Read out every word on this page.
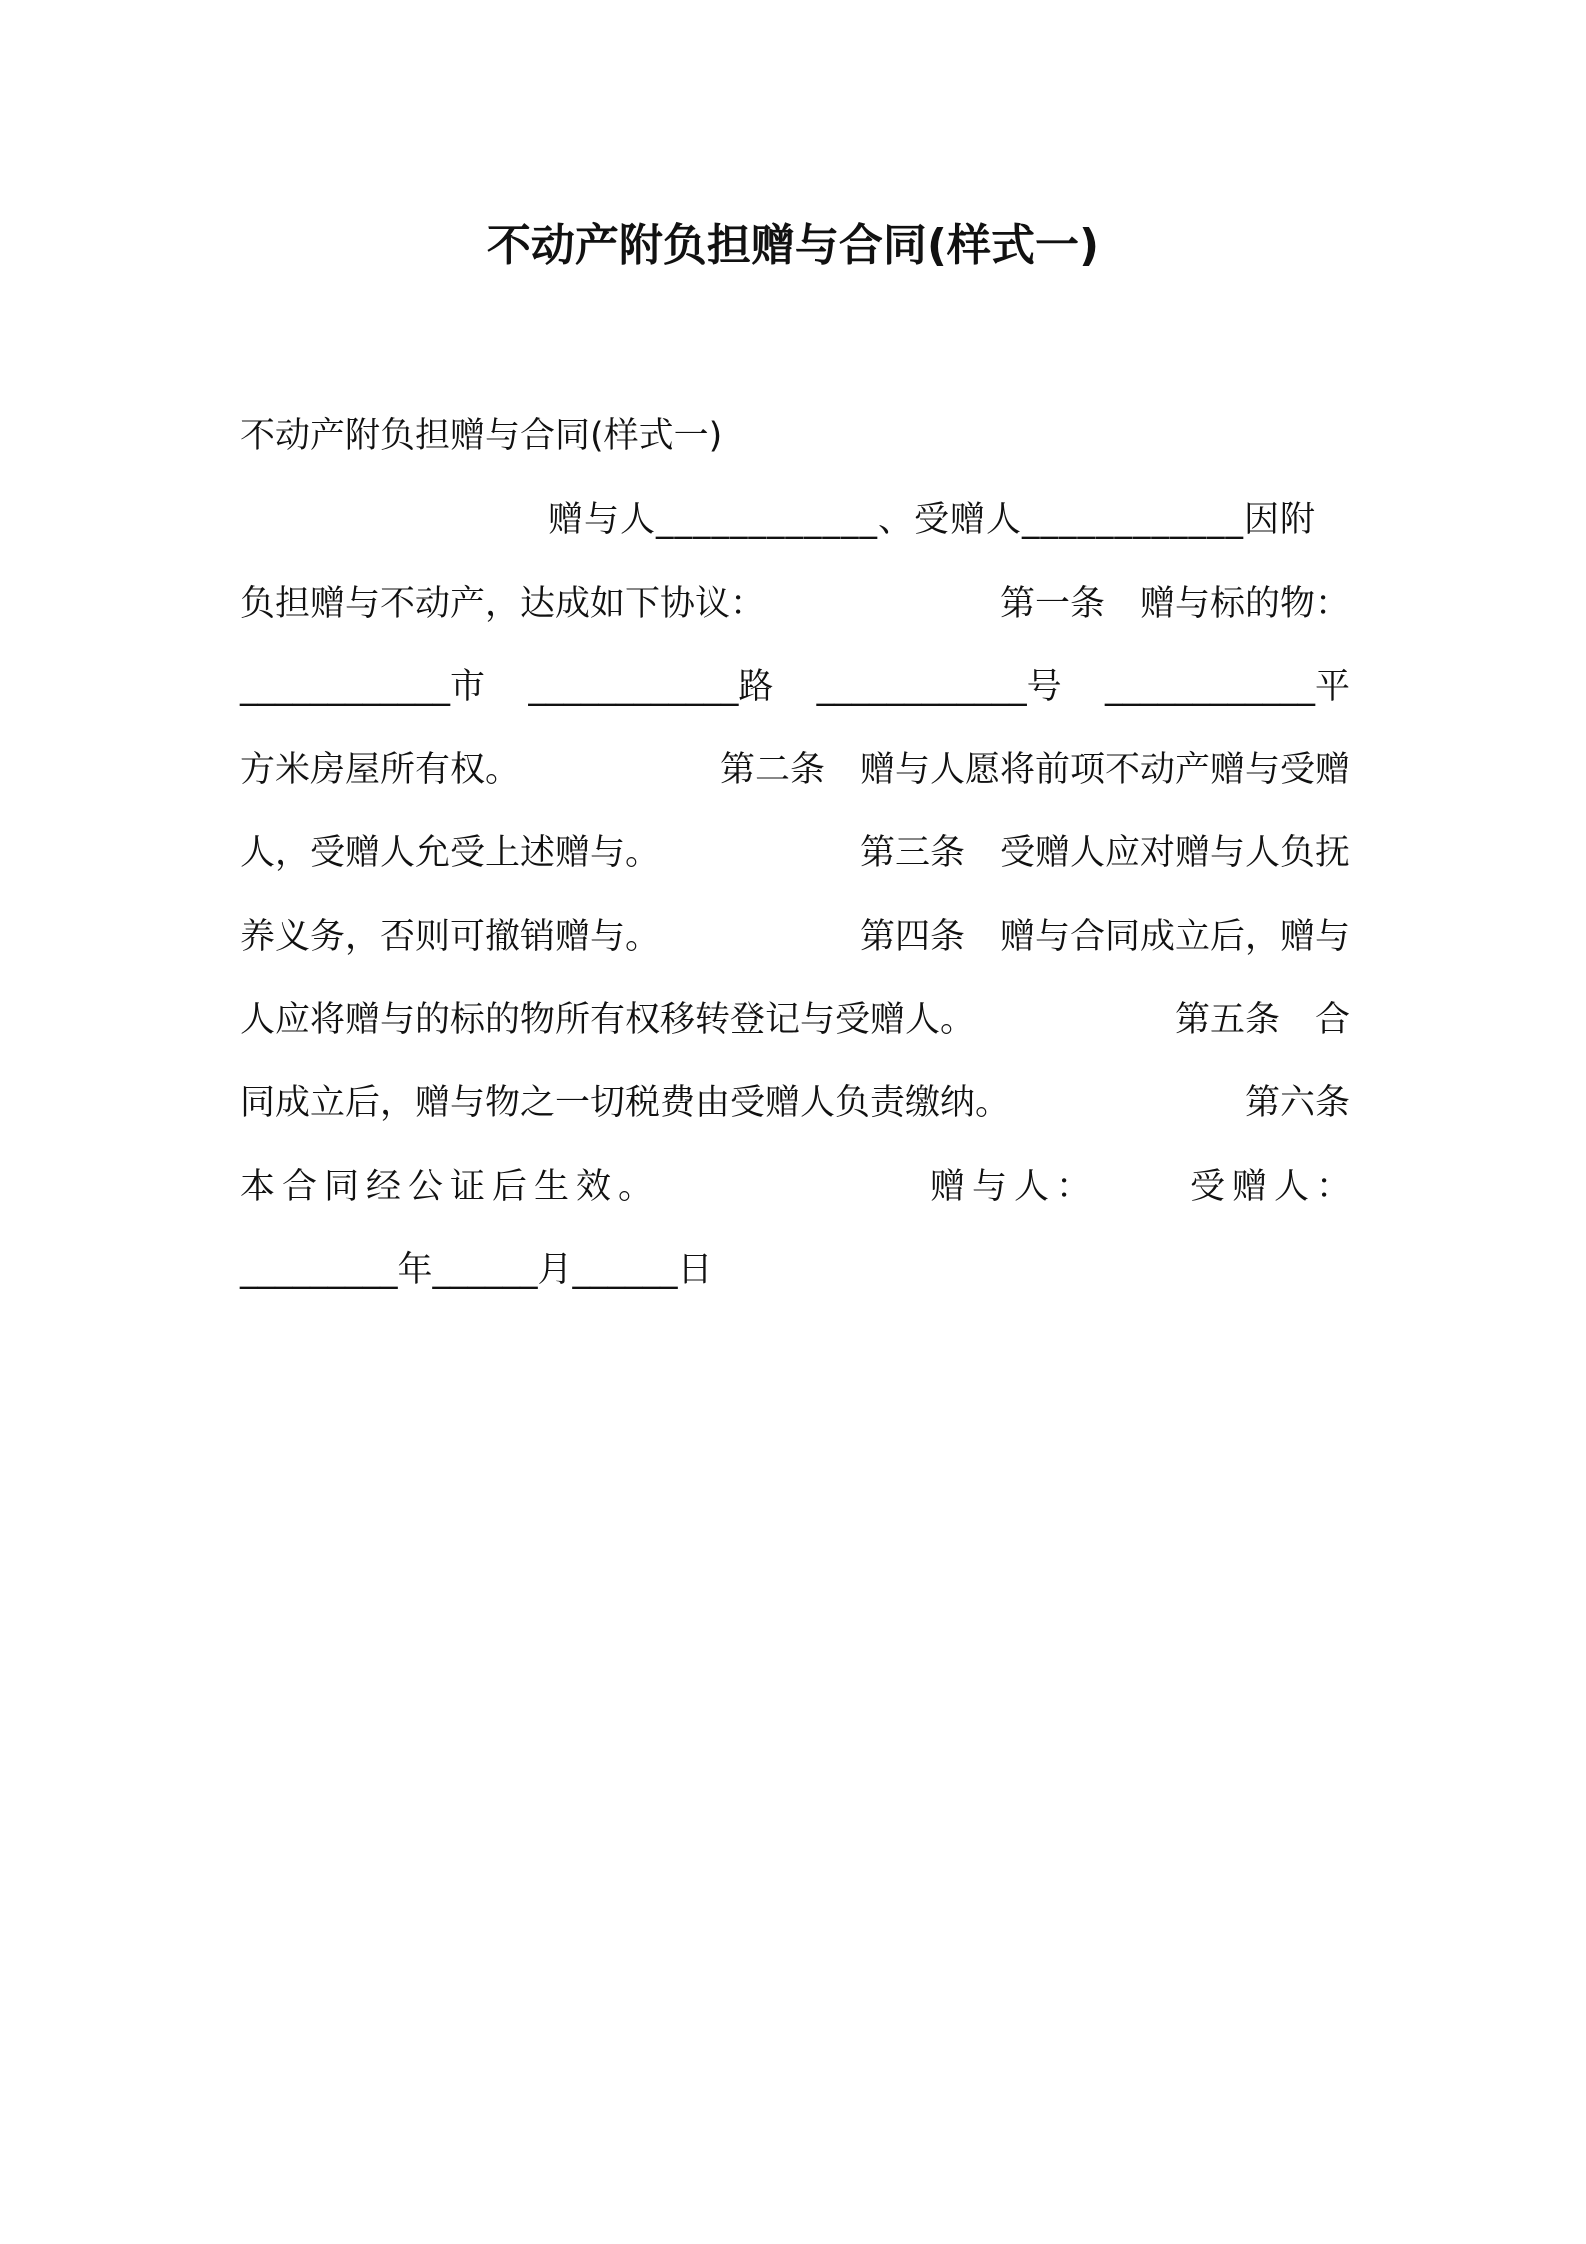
不动产附负担赠与合同(样式一)
不动产附负担赠与合同(样式一)
赠与人____________、受赠人____________因附
负担赠与不动产，达成如下协议：	第一条　赠与标的物：
____________市 ____________路 ____________号 ____________平
方米房屋所有权。	第二条　赠与人愿将前项不动产赠与受赠
人，受赠人允受上述赠与。	第三条　受赠人应对赠与人负抚
养义务，否则可撤销赠与。	第四条　赠与合同成立后，赠与
人应将赠与的标的物所有权移转登记与受赠人。	第五条　合
同成立后，赠与物之一切税费由受赠人负责缴纳。	第六条
本合同经公证后生效。	赠与人：	受赠人：
_________年______月______日
